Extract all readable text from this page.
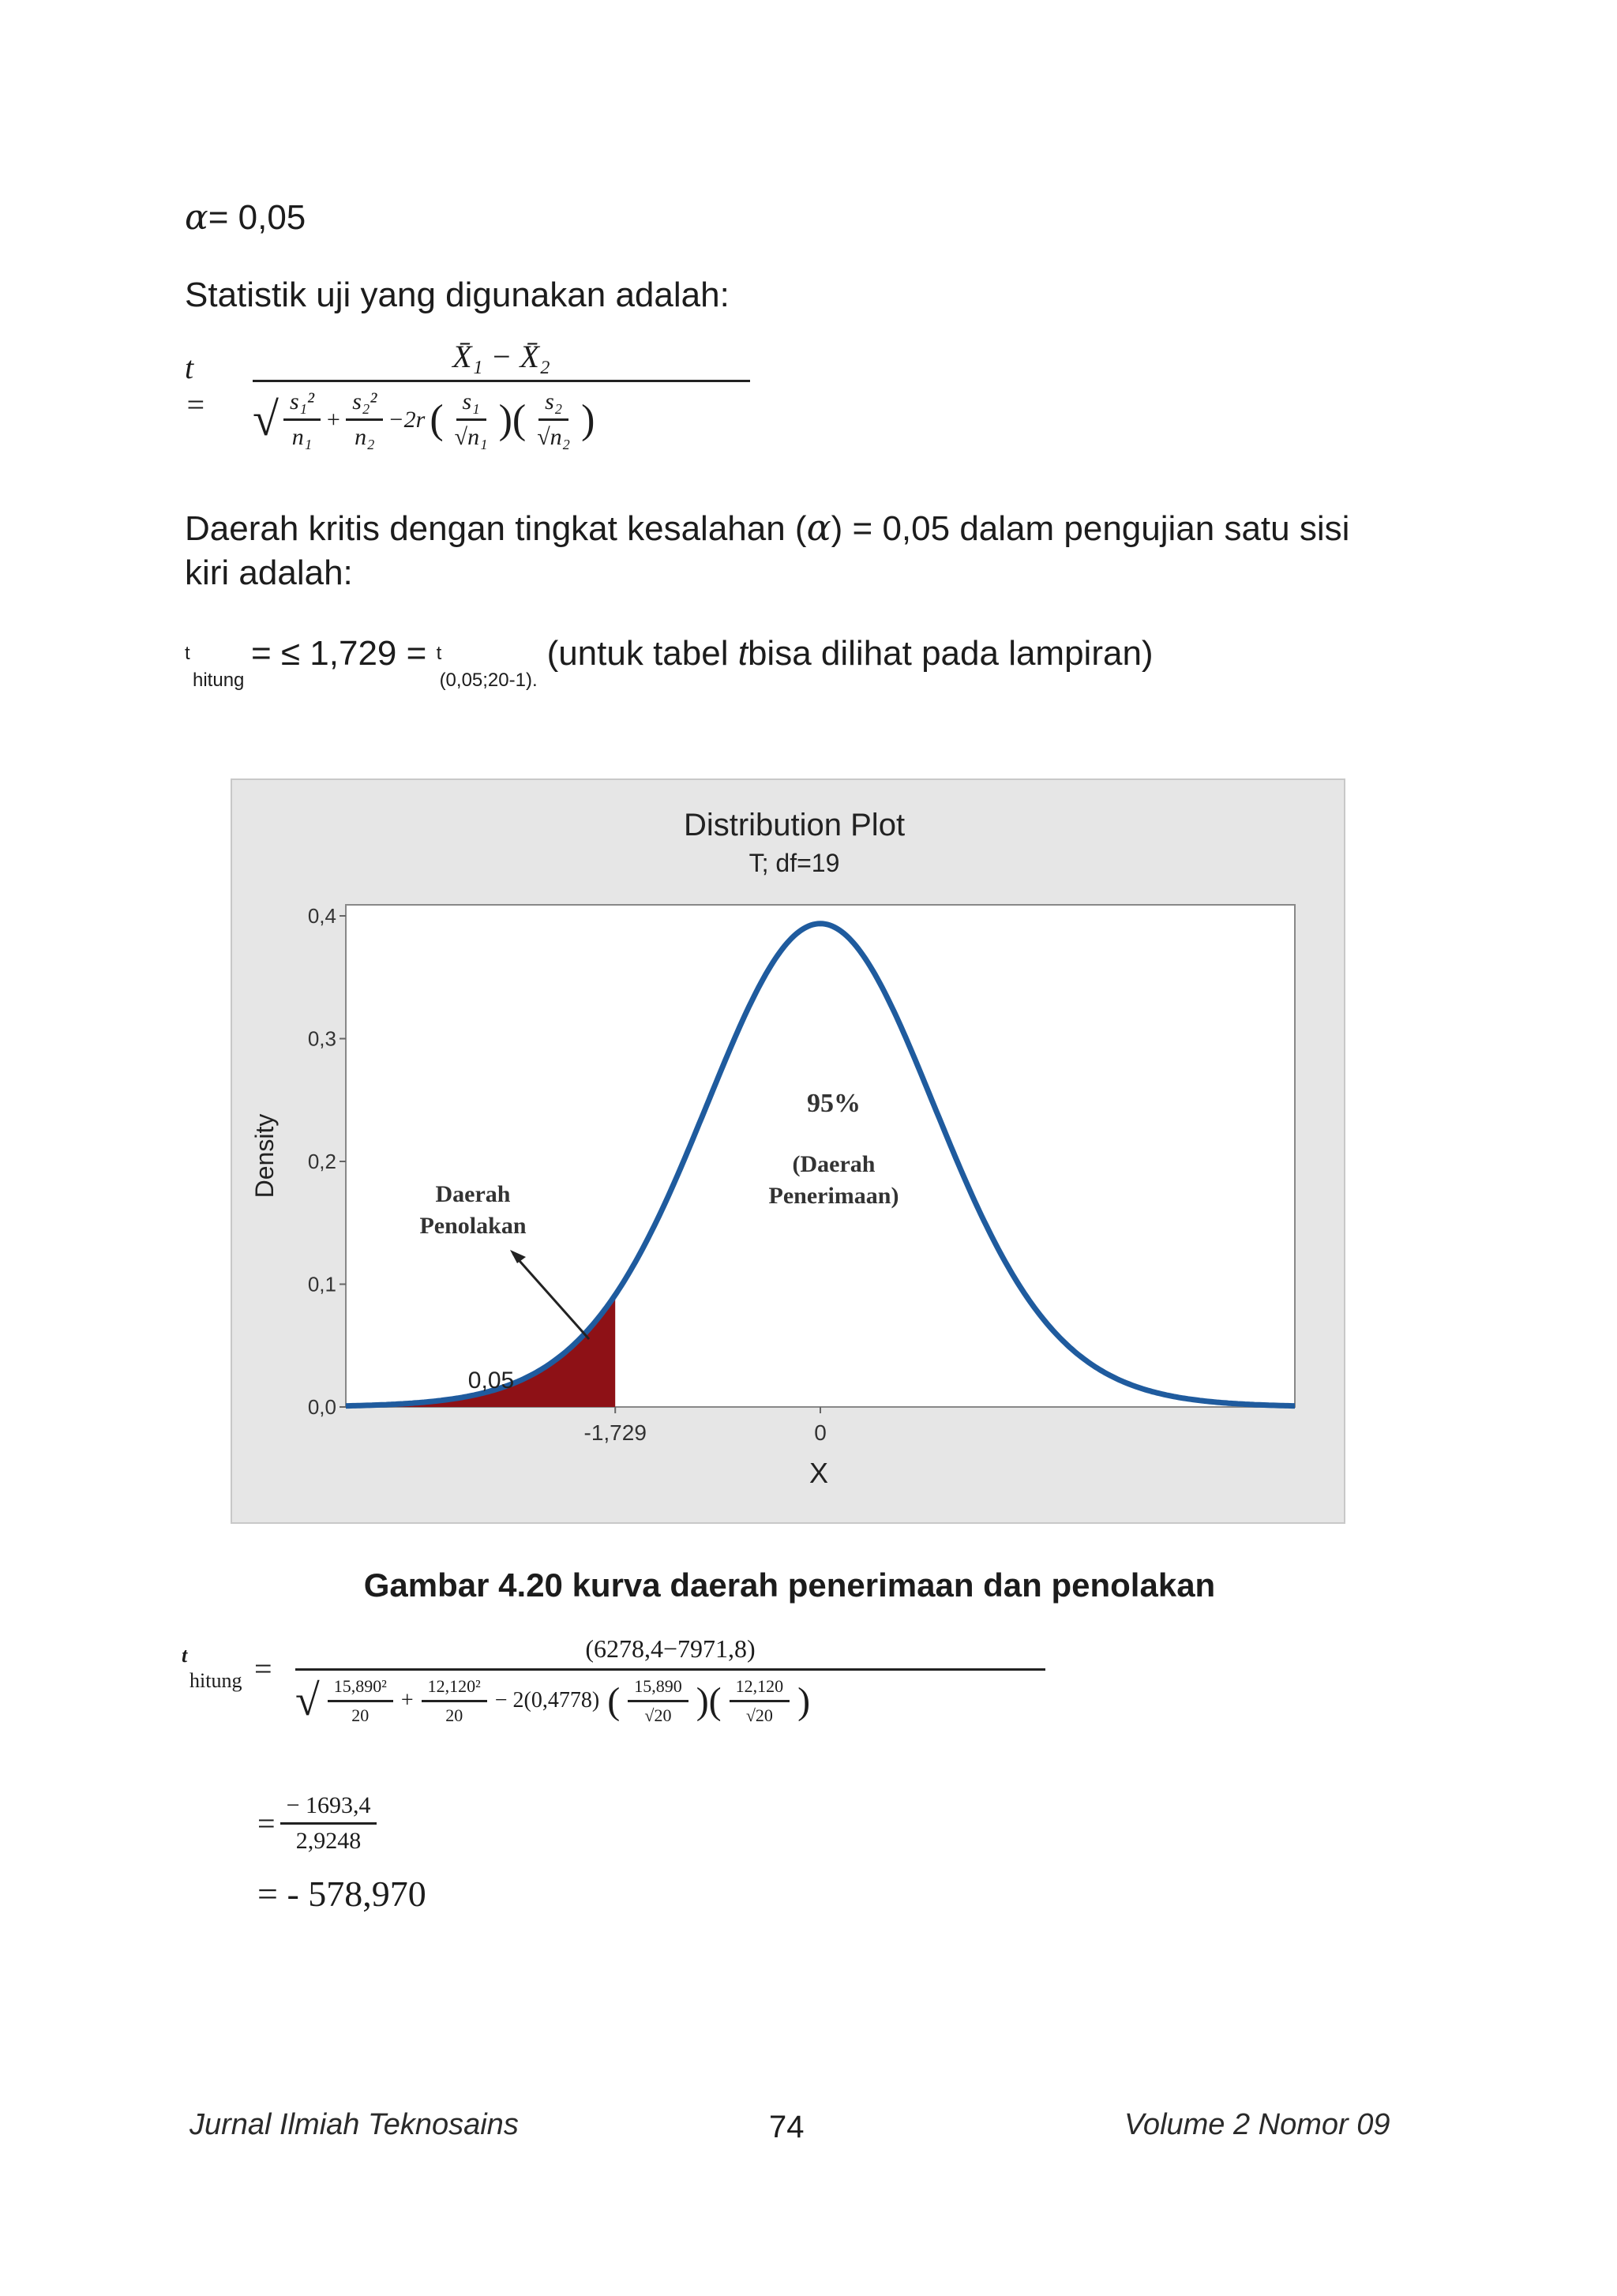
α= 0,05
Statistik uji yang digunakan adalah:
t =
X̄₁ − X̄₂
√ $\frac{\text{s₁²}}{\text{n₁}} + \frac{\text{s₂²}}{\text{n₂}} -2r$ ( $\frac{\text{s₁}}{\text{√n₁}}$ )( $\frac{\text{s₂}}{\text{√n₂}}$ )
Daerah kritis dengan tingkat kesalahan (α) = 0,05 dalam pengujian satu sisi
kiri adalah:
t
hitung
= ≤ 1,729 = t
(0,05;20-1).
(untuk tabel tbisa dilihat pada lampiran)
Distribution Plot
T; df=19
0,0
0,1
0,2
0,3
0,4
-1,729	0
Density
X
0,05
Daerah
Penolakan
95%
(Daerah
Penerimaan)
Gambar 4.20 kurva daerah penerimaan dan penolakan
t
hitung =
(6278,4−7971,8)
√ $\frac{\text{15,890²}}{20} + \frac{\text{12,120²}}{20} - 2(0,4778)$ ( $\frac{15,890}{√20}$ )( $\frac{12,120}{√20}$ )
= $\frac{- 1693,4}{2,9248}$
= - 578,970
Jurnal Ilmiah Teknosains	74	Volume 2 Nomor 09
